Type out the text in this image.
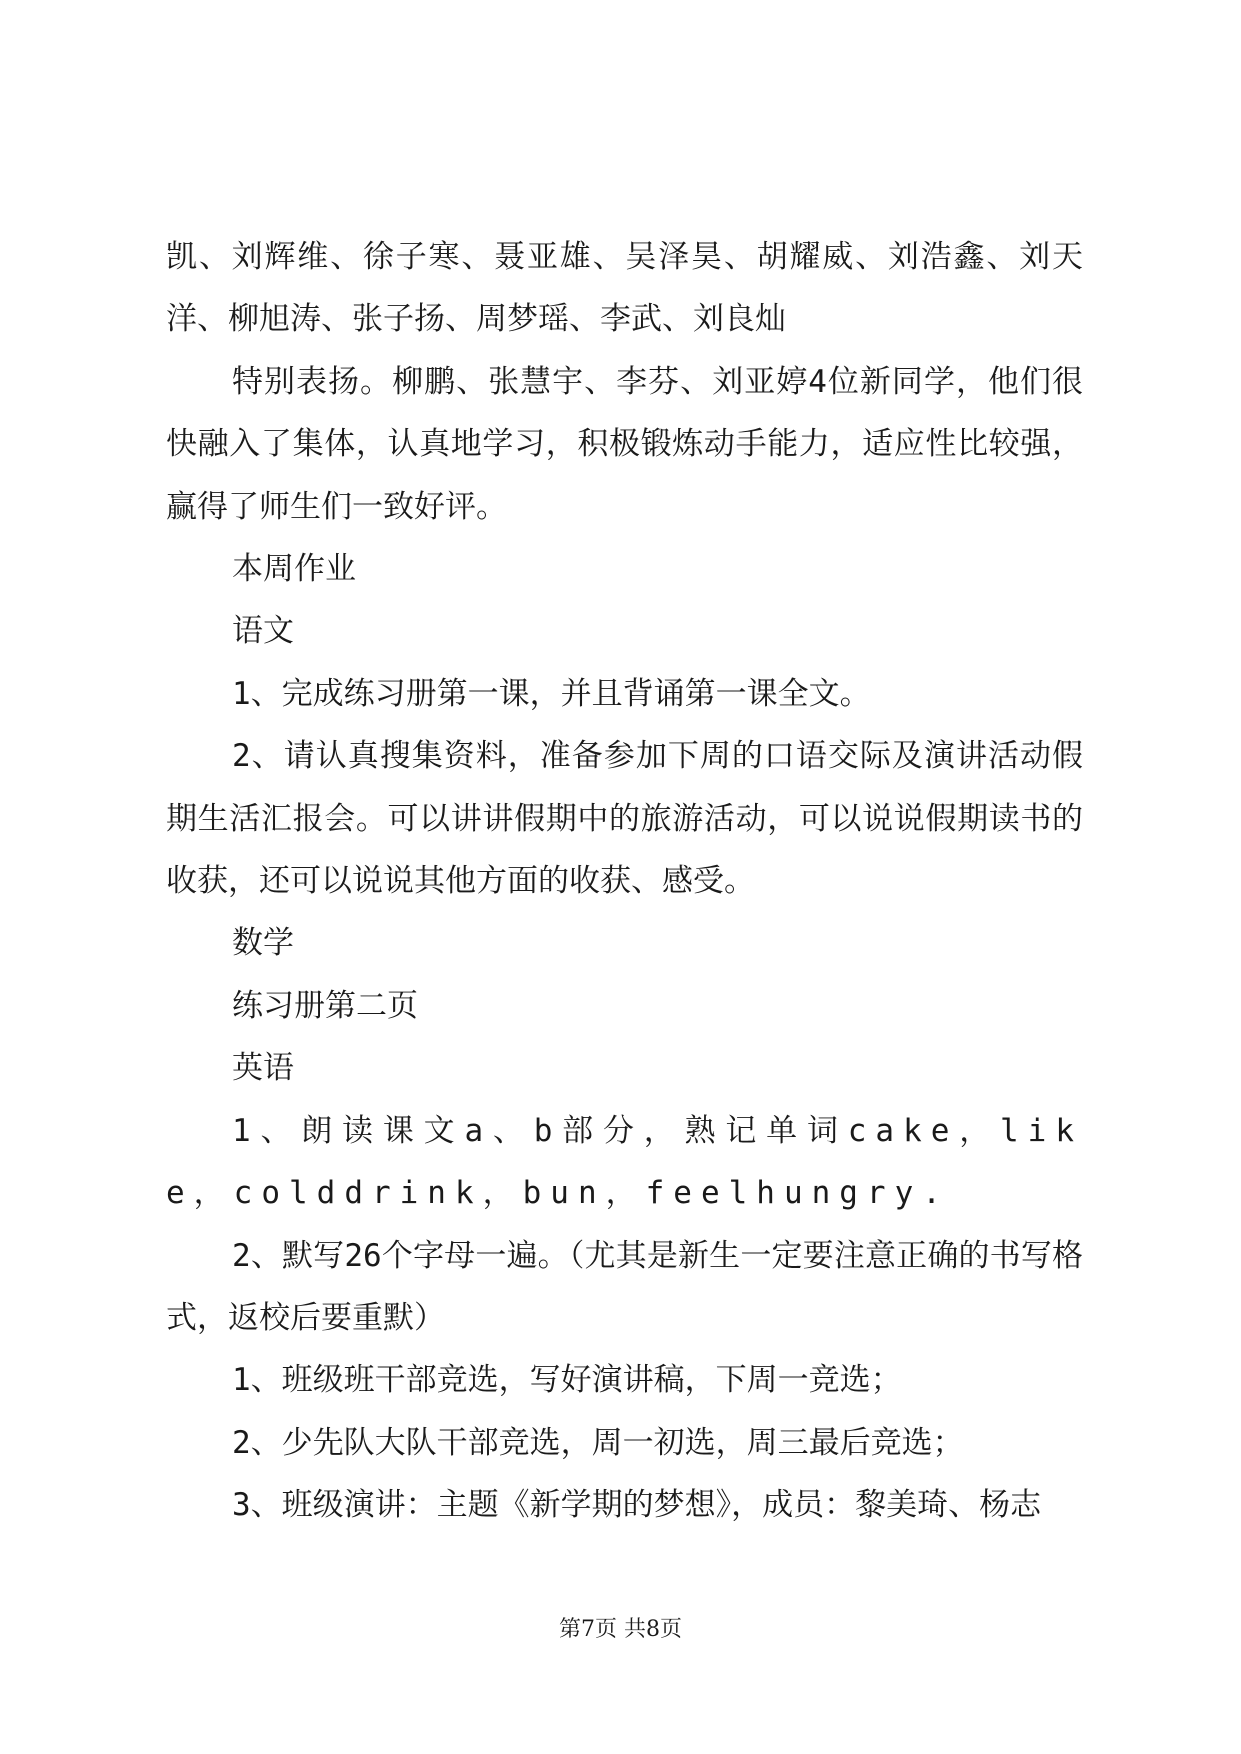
凯、刘辉维、徐子寒、聂亚雄、吴泽昊、胡耀威、刘浩鑫、刘天洋、柳旭涛、张子扬、周梦瑶、李武、刘良灿

特别表扬。柳鹏、张慧宇、李芬、刘亚婷4位新同学，他们很快融入了集体，认真地学习，积极锻炼动手能力，适应性比较强，赢得了师生们一致好评。

本周作业

语文

1、完成练习册第一课，并且背诵第一课全文。

2、请认真搜集资料，准备参加下周的口语交际及演讲活动假期生活汇报会。可以讲讲假期中的旅游活动，可以说说假期读书的收获，还可以说说其他方面的收获、感受。

数学

练习册第二页

英语

1、朗读课文a、b部分，熟记单词cake，like，colddrink，bun，feelhungry.

2、默写26个字母一遍。（尤其是新生一定要注意正确的书写格式，返校后要重默）

1、班级班干部竞选，写好演讲稿，下周一竞选；

2、少先队大队干部竞选，周一初选，周三最后竞选；

3、班级演讲：主题《新学期的梦想》，成员：黎美琦、杨志

第7页 共8页
